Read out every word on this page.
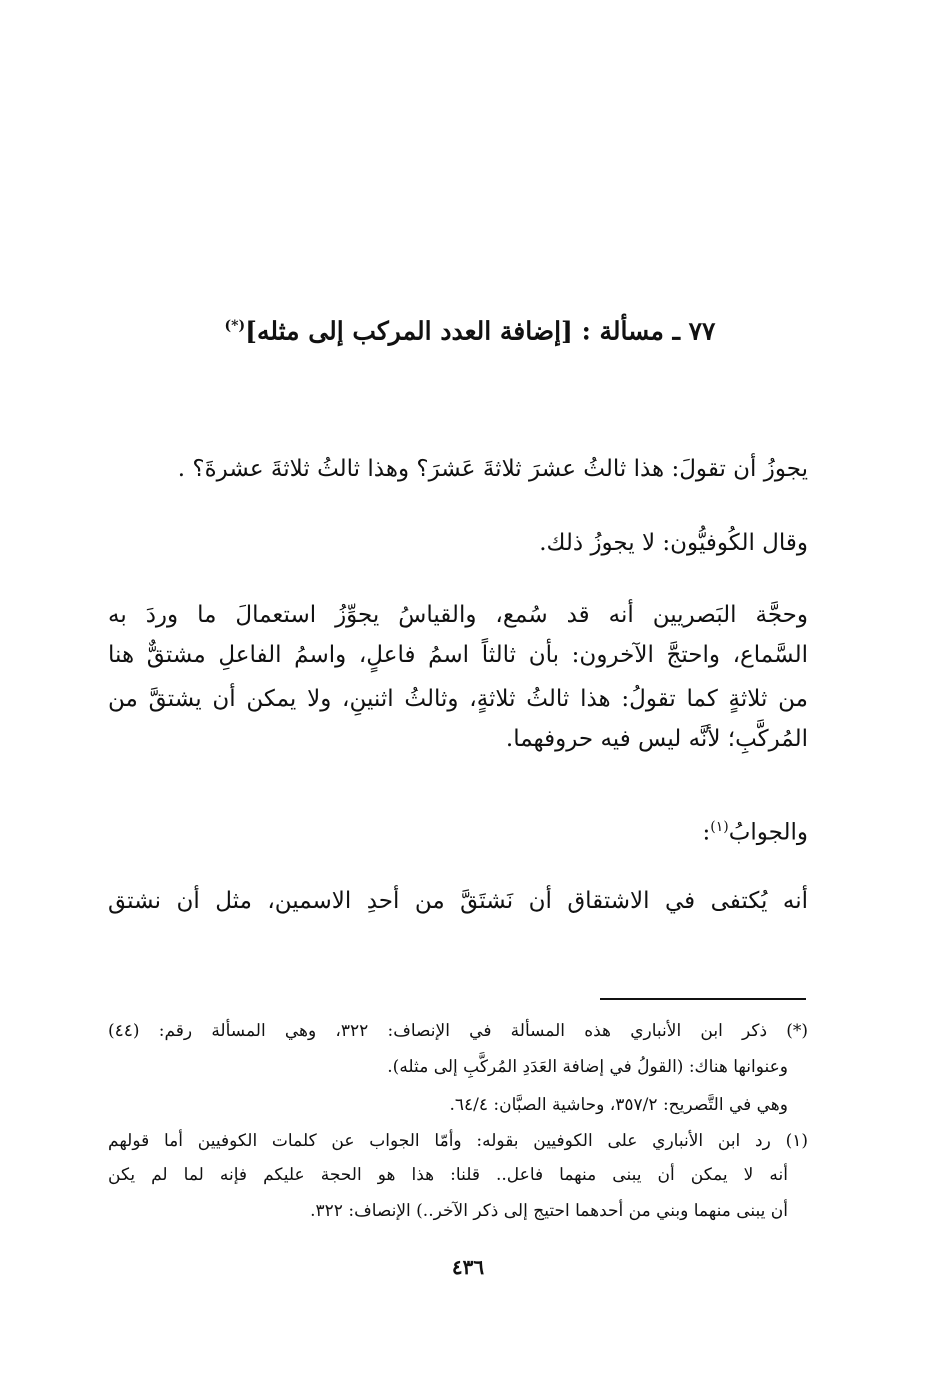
٧٧ ـ مسألة : [إضافة العدد المركب إلى مثله](*)
يجوزُ أن تقولَ: هذا ثالثُ عشرَ ثلاثةَ عَشرَ؟ وهذا ثالثُ ثلاثةَ عشرةَ؟ .
وقال الكُوفيُّون: لا يجوزُ ذلك.
وحجَّة البَصريين أنه قد سُمع، والقياسُ يجوِّزُ استعمالَ ما وردَ به
السَّماع، واحتجَّ الآخرون: بأن ثالثاً اسمُ فاعلٍ، واسمُ الفاعلِ مشتقٌّ هنا
من ثلاثةٍ كما تقولُ: هذا ثالثُ ثلاثةٍ، وثالثُ اثنينِ، ولا يمكن أن يشتقَّ من
المُركَّبِ؛ لأنَّه ليس فيه حروفهما.
والجوابُ$^{(١)}$:
أنه يُكتفى في الاشتقاق أن نَشتَقَّ من أحدِ الاسمين، مثل أن نشتق
(*) ذكر ابن الأنباري هذه المسألة في الإنصاف: ٣٢٢، وهي المسألة رقم: (٤٤)
وعنوانها هناك: (القولُ في إضافة العَدَدِ المُركَّبِ إلى مثله).
وهي في التَّصريح: ٣٥٧/٢، وحاشية الصبَّان: ٦٤/٤.
(١) رد ابن الأنباري على الكوفيين بقوله: وأمّا الجواب عن كلمات الكوفيين أما قولهم
أنه لا يمكن أن يبنى منهما فاعل.. قلنا: هذا هو الحجة عليكم فإنه لما لم يكن
أن يبنى منهما وبني من أحدهما احتيج إلى ذكر الآخر..) الإنصاف: ٣٢٢.
٤٣٦
